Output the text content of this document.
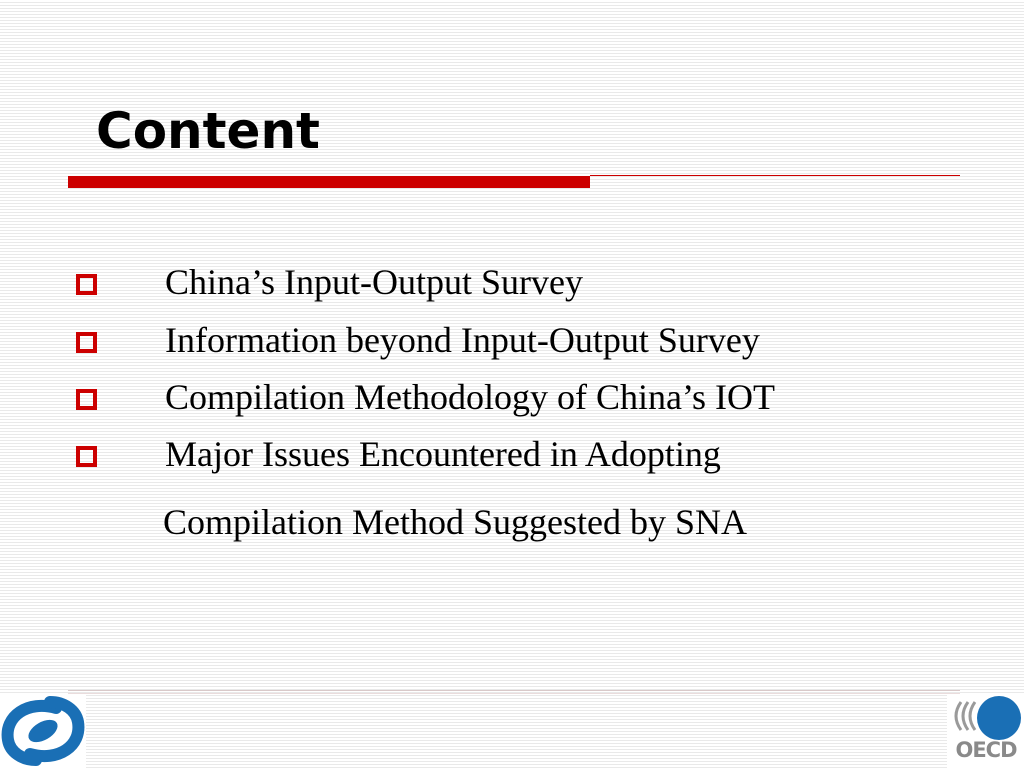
Content
China’s Input-Output Survey
Information beyond Input-Output Survey
Compilation Methodology of China’s IOT
Major Issues Encountered in Adopting
Compilation Method Suggested by SNA
OECD
